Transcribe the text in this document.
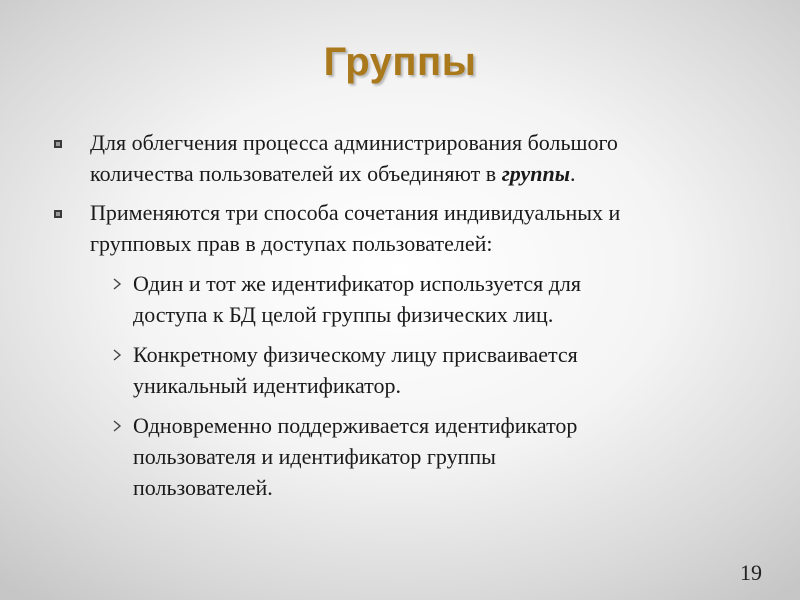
Группы
Для облегчения процесса администрирования большого
количества пользователей их объединяют в группы.
Применяются три способа сочетания индивидуальных и
групповых прав в доступах пользователей:
Один и тот же идентификатор используется для
доступа к БД целой группы физических лиц.
Конкретному физическому лицу присваивается
уникальный идентификатор.
Одновременно поддерживается идентификатор
пользователя и идентификатор группы
пользователей.
19
